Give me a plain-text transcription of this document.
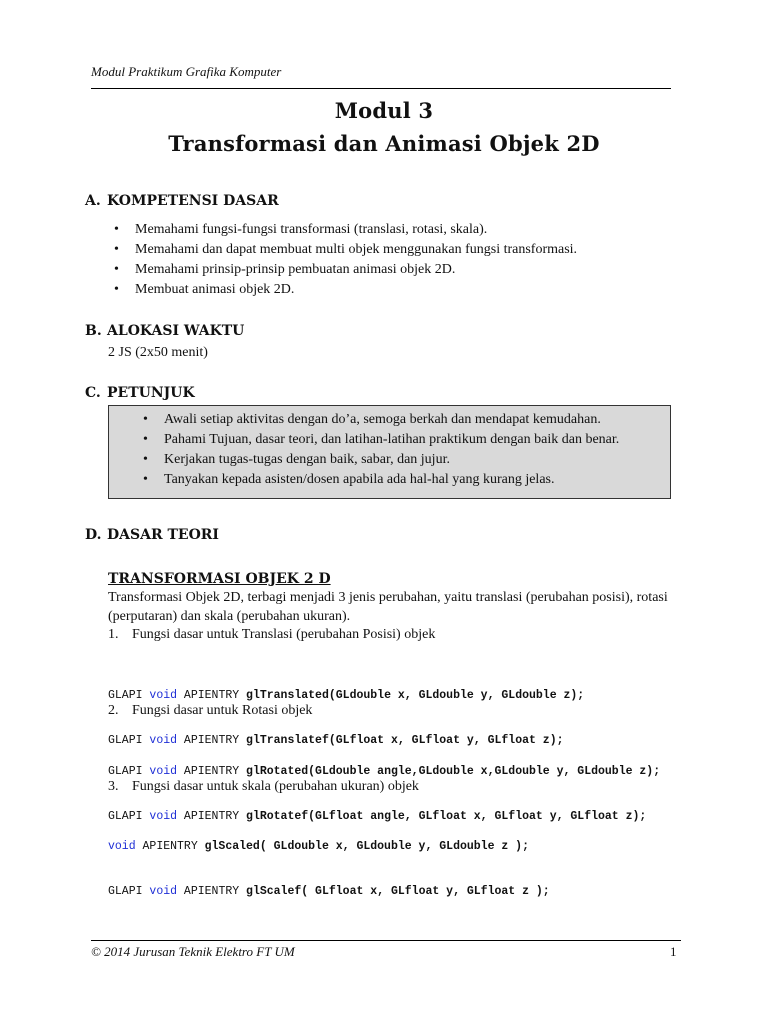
Modul Praktikum Grafika Komputer
Modul 3
Transformasi dan Animasi Objek 2D
A. KOMPETENSI DASAR
• Memahami fungsi-fungsi transformasi (translasi, rotasi, skala).
• Memahami dan dapat membuat multi objek menggunakan fungsi transformasi.
• Memahami prinsip-prinsip pembuatan animasi objek 2D.
• Membuat animasi objek 2D.
B. ALOKASI WAKTU
2 JS (2x50 menit)
C. PETUNJUK
• Awali setiap aktivitas dengan do’a, semoga berkah dan mendapat kemudahan.
• Pahami Tujuan, dasar teori, dan latihan-latihan praktikum dengan baik dan benar.
• Kerjakan tugas-tugas dengan baik, sabar, dan jujur.
• Tanyakan kepada asisten/dosen apabila ada hal-hal yang kurang jelas.
D. DASAR TEORI
TRANSFORMASI OBJEK 2 D
Transformasi Objek 2D, terbagi menjadi 3 jenis perubahan, yaitu translasi (perubahan posisi), rotasi (perputaran) dan skala (perubahan ukuran).
1. Fungsi dasar untuk Translasi (perubahan Posisi) objek

GLAPI void APIENTRY glTranslated(GLdouble x, GLdouble y, GLdouble z);

GLAPI void APIENTRY glTranslatef(GLfloat x, GLfloat y, GLfloat z);

2. Fungsi dasar untuk Rotasi objek

GLAPI void APIENTRY glRotated(GLdouble angle,GLdouble x,GLdouble y, GLdouble z);

GLAPI void APIENTRY glRotatef(GLfloat angle, GLfloat x, GLfloat y, GLfloat z);

3. Fungsi dasar untuk skala (perubahan ukuran) objek

void APIENTRY glScaled( GLdouble x, GLdouble y, GLdouble z );

GLAPI void APIENTRY glScalef( GLfloat x, GLfloat y, GLfloat z );

© 2014 Jurusan Teknik Elektro FT UM	1
